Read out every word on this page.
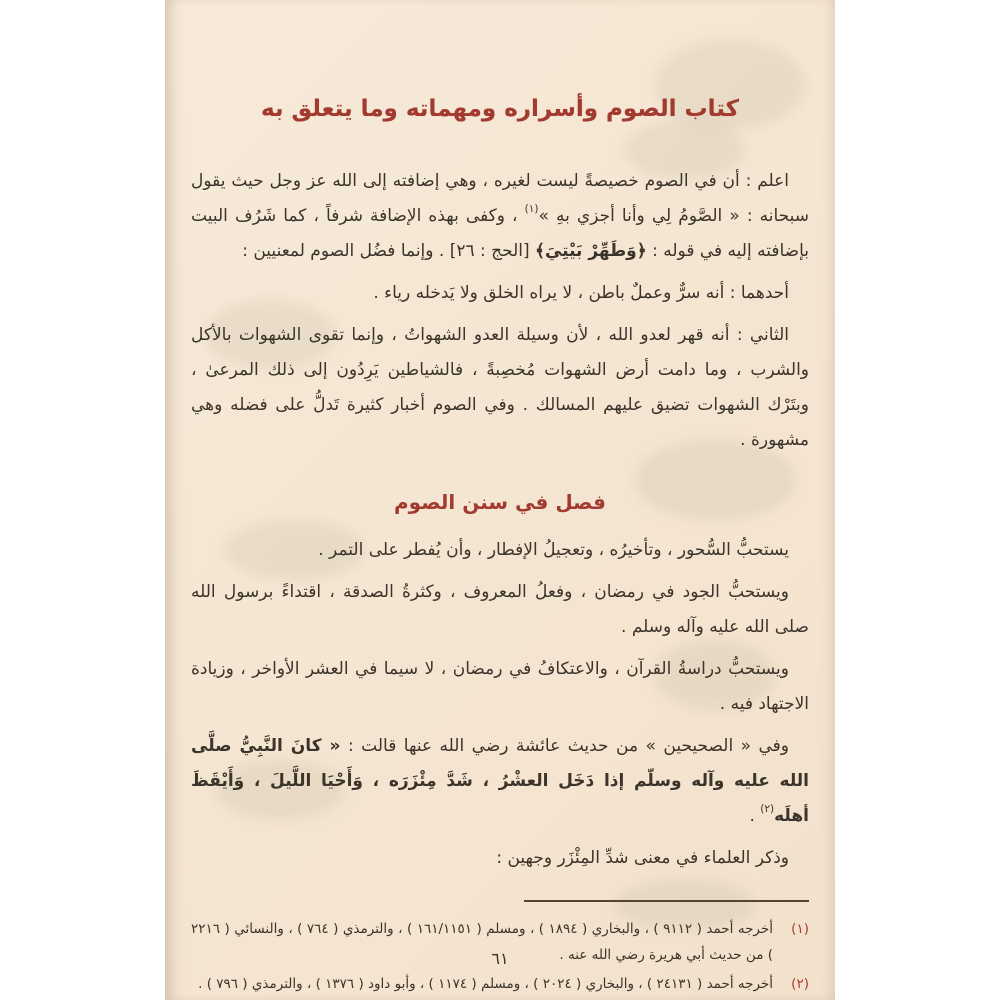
كتاب الصوم وأسراره ومهماته وما يتعلق به

اعلم : أن في الصوم خصيصةً ليست لغيره ، وهي إضافته إلى الله عز وجل حيث يقول سبحانه : « الصَّومُ لِي وأنا أجزي بهِ »$^{(١)}$ ، وكفى بهذه الإضافة شرفاً ، كما شَرُف البيت بإضافته إليه في قوله : ﴿وَطَهِّرْ بَيْتِيَ﴾ [الحج : ٢٦] . وإنما فضُل الصوم لمعنيين :

أحدهما : أنه سرٌّ وعملٌ باطن ، لا يراه الخلق ولا يَدخله رياء .

الثاني : أنه قهر لعدو الله ، لأن وسيلة العدو الشهواتُ ، وإنما تقوى الشهوات بالأكل والشرب ، وما دامت أرض الشهوات مُخصِبةً ، فالشياطين يَرِدُون إلى ذلك المرعىٰ ، وبتَرْك الشهوات تضيق عليهم المسالك . وفي الصوم أخبار كثيرة تَدلُّ على فضله وهي مشهورة .

فصل في سنن الصوم

يستحبُّ السُّحور ، وتأخيرُه ، وتعجيلُ الإفطار ، وأن يُفطر على التمر .

ويستحبُّ الجود في رمضان ، وفعلُ المعروف ، وكثرةُ الصدقة ، اقتداءً برسول الله صلى الله عليه وآله وسلم .

ويستحبُّ دراسةُ القرآن ، والاعتكافُ في رمضان ، لا سيما في العشر الأواخر ، وزيادة الاجتهاد فيه .

وفي « الصحيحين » من حديث عائشة رضي الله عنها قالت : « كانَ النَّبِيُّ صلَّى الله عليه وآله وسلّم إذا دَخَل العشْرُ ، شَدَّ مِئْزَرَه ، وَأَحْيَا اللَّيلَ ، وَأَيْقَظَ أهلَه$^{(٢)}$ .

وذكر العلماء في معنى شدِّ المِئْزَر وجهين :

(١)
أخرجه أحمد ( ٩١١٢ ) ، والبخاري ( ١٨٩٤ ) ، ومسلم ( ١٦١/١١٥١ ) ، والترمذي ( ٧٦٤ ) ، والنسائي ( ٢٢١٦ ) من حديث أبي هريرة رضي الله عنه .
(٢)
أخرجه أحمد ( ٢٤١٣١ ) ، والبخاري ( ٢٠٢٤ ) ، ومسلم ( ١١٧٤ ) ، وأبو داود ( ١٣٧٦ ) ، والترمذي ( ٧٩٦ ) .
٦١
